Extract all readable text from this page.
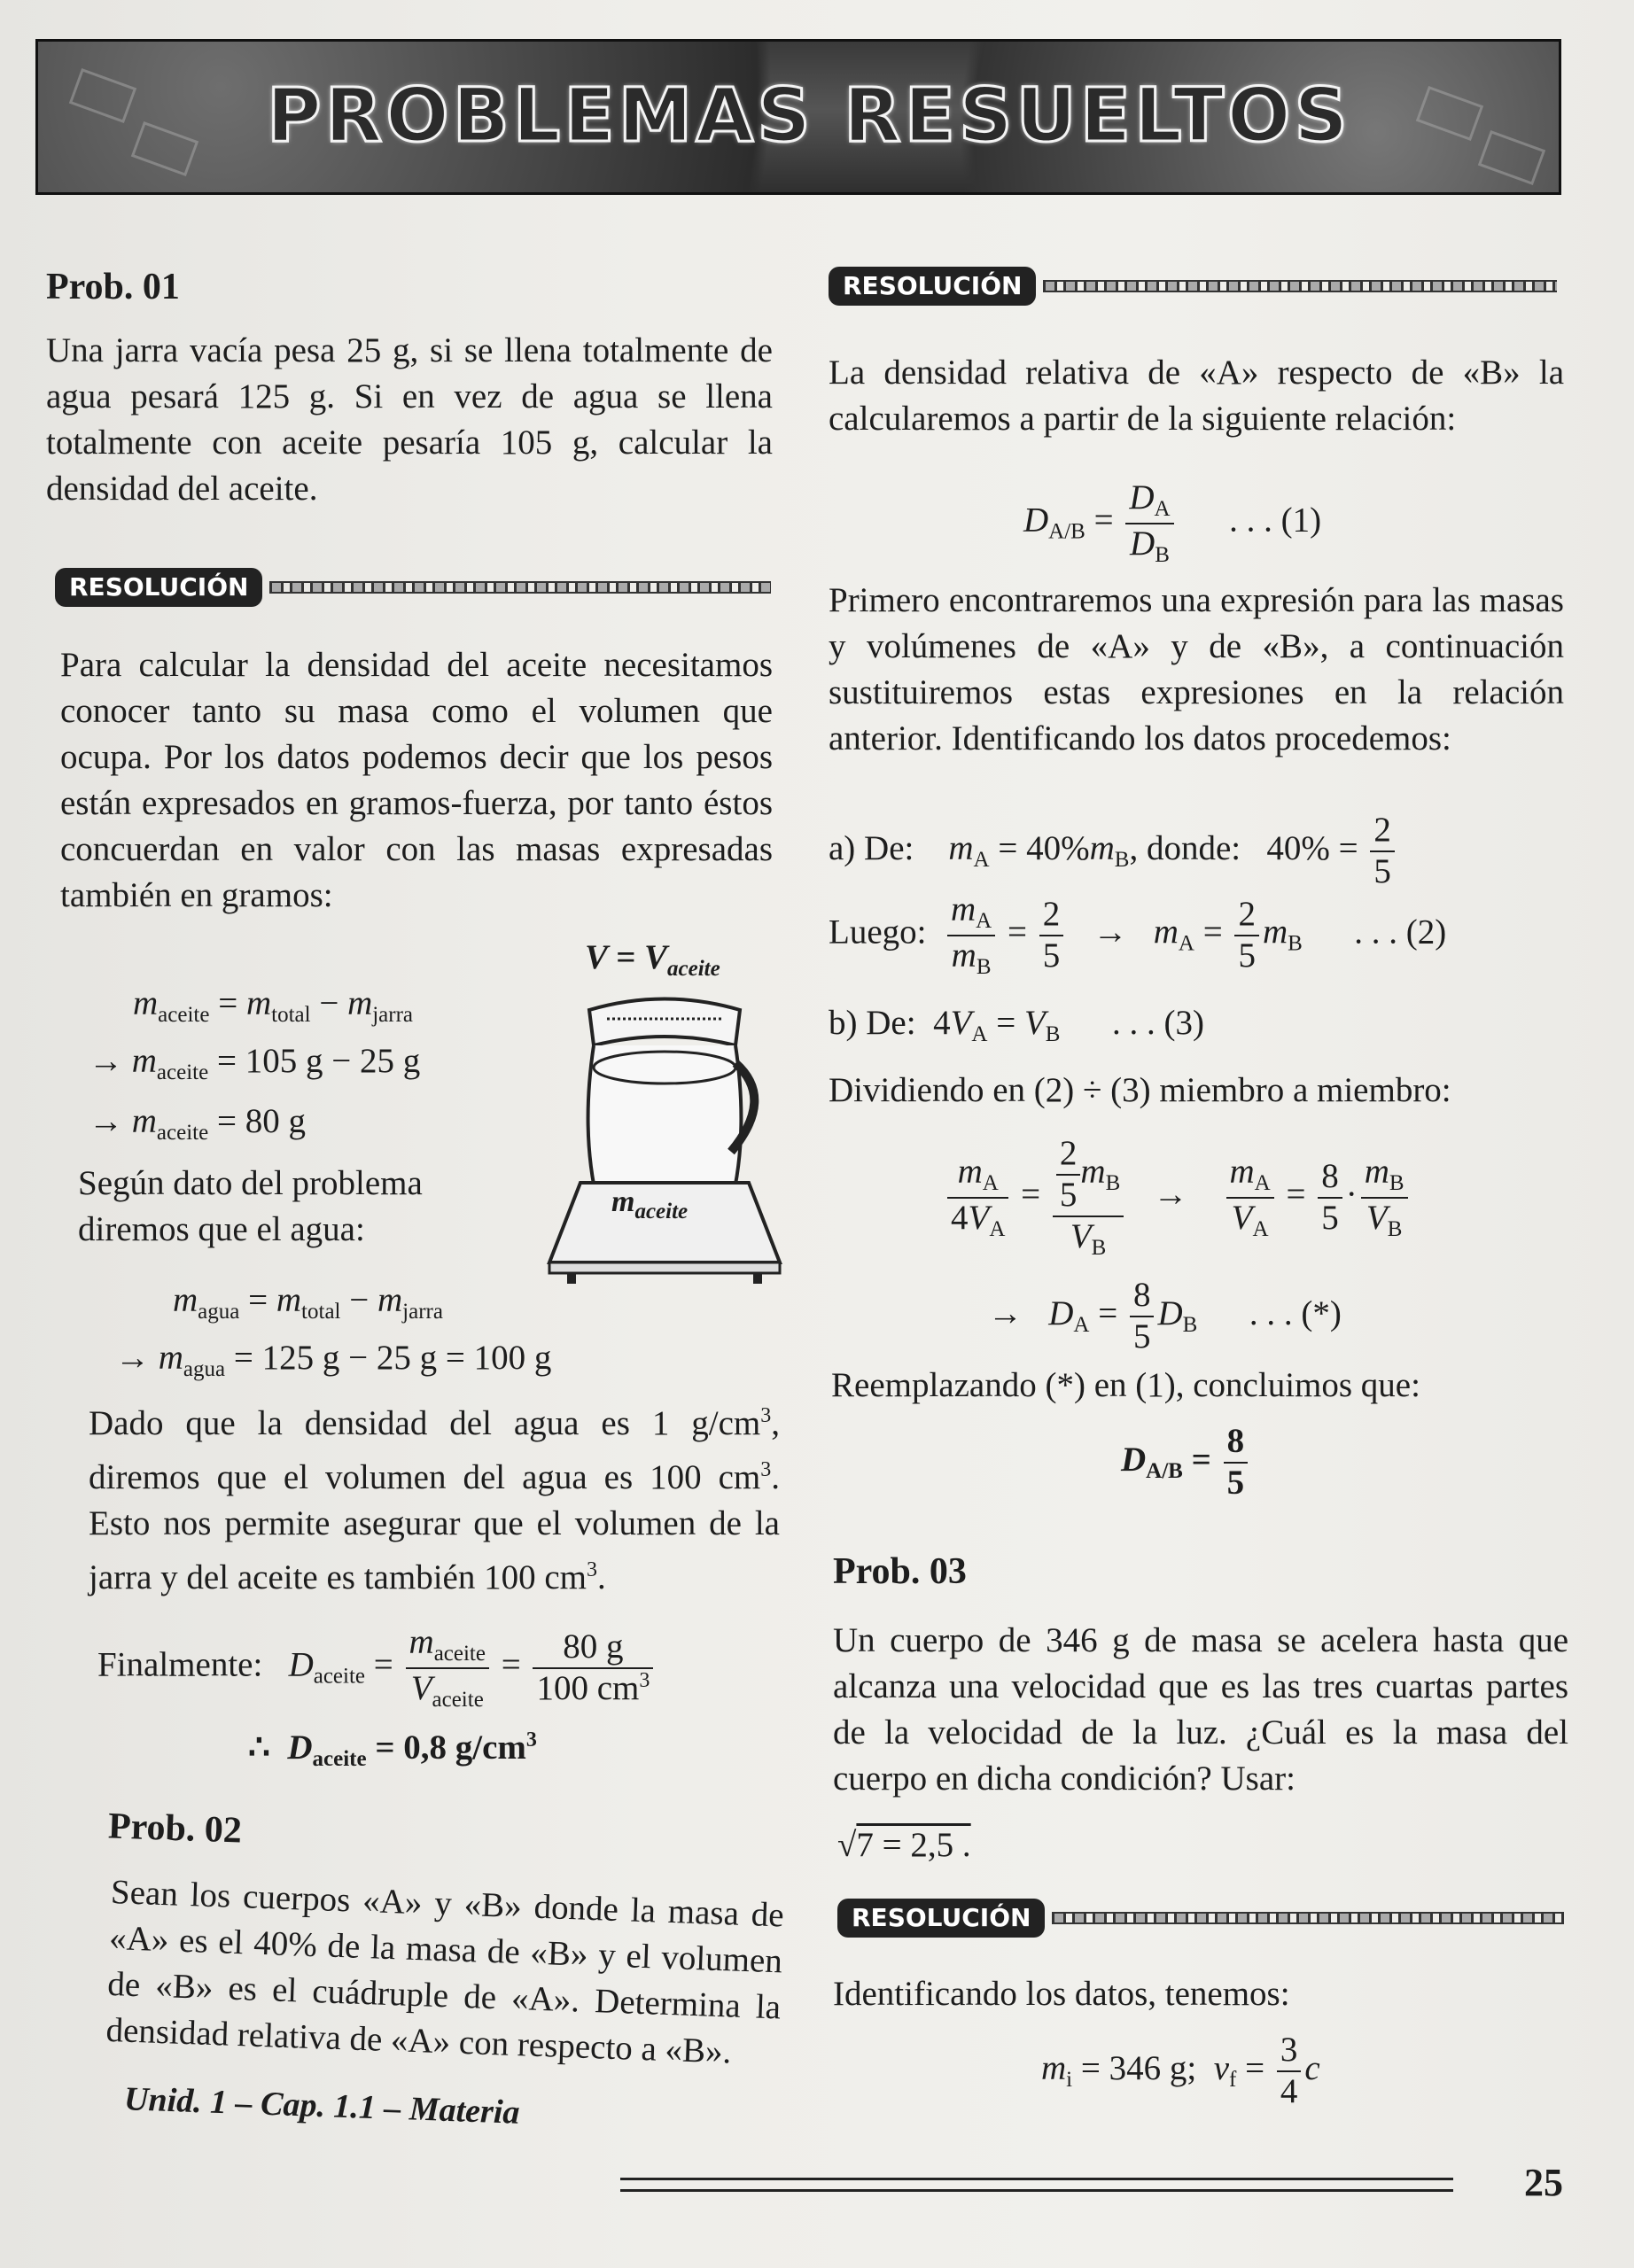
PROBLEMAS RESUELTOS
Prob. 01
Una jarra vacía pesa 25 g, si se llena totalmente de agua pesará 125 g. Si en vez de agua se llena totalmente con aceite pesaría 105 g, calcular la densidad del aceite.
RESOLUCIÓN
Para calcular la densidad del aceite necesitamos conocer tanto su masa como el volumen que ocupa. Por los datos podemos decir que los pesos están expresados en gramos-fuerza, por tanto éstos concuerdan en valor con las masas expresadas también en gramos:
$m_{aceite} = m_{total} - m_{jarra}$
→ $m_{aceite} = 105$ g − 25 g
→ $m_{aceite} = 80$ g
Según dato del problema diremos que el agua:
$m_{agua} = m_{total} - m_{jarra}$
→ $m_{agua} = 125$ g − 25 g = 100 g
$V = V_{aceite}$
$m_{aceite}$
Dado que la densidad del agua es 1 $g/cm^3$, diremos que el volumen del agua es 100 $cm^3$. Esto nos permite asegurar que el volumen de la jarra y del aceite es también 100 $cm^3$.
Finalmente: $D_{aceite} = \frac{m_{aceite}}{V_{aceite}} = \frac{80 g}{100 cm^3}$
∴  $D_{aceite} = 0,8$ $g/cm^3$
Prob. 02
Sean los cuerpos «A» y «B» donde la masa de «A» es el 40% de la masa de «B» y el volumen de «B» es el cuádruple de «A». Determina la densidad relativa de «A» con respecto a «B».
Unid. 1 – Cap. 1.1 – Materia
25
RESOLUCIÓN
La densidad relativa de «A» respecto de «B» la calcularemos a partir de la siguiente relación:
$D_{A/B} = \frac{D_A}{D_B}$ . . . (1)
Primero encontraremos una expresión para las masas y volúmenes de «A» y de «B», a continuación sustituiremos estas expresiones en la relación anterior. Identificando los datos procedemos:
a) De: $m_A = 40\%m_B$, donde: $40\% = \frac{2}{5}$
Luego: $\frac{m_A}{m_B} = \frac{2}{5} \to m_A = \frac{2}{5} m_B$ . . . (2)
b) De:  $4V_A = V_B$ . . . (3)
Dividiendo en (2) ÷ (3) miembro a miembro:
$\frac{m_A}{4V_A} = \frac{\frac{2}{5} m_B}{V_B} \to \frac{m_A}{V_A} = \frac{8}{5} \cdot \frac{m_B}{V_B}$
→   $D_A = \frac{8}{5} D_B$ . . . (*)
Reemplazando (*) en (1), concluimos que:
$D_{A/B} = \frac{8}{5}$
Prob. 03
Un cuerpo de 346 g de masa se acelera hasta que alcanza una velocidad que es las tres cuartas partes de la velocidad de la luz. ¿Cuál es la masa del cuerpo en dicha condición? Usar:
√7 = 2,5 .
RESOLUCIÓN
Identificando los datos, tenemos:
$m_i = 346$ g; $v_f = \frac{3}{4}$ c
